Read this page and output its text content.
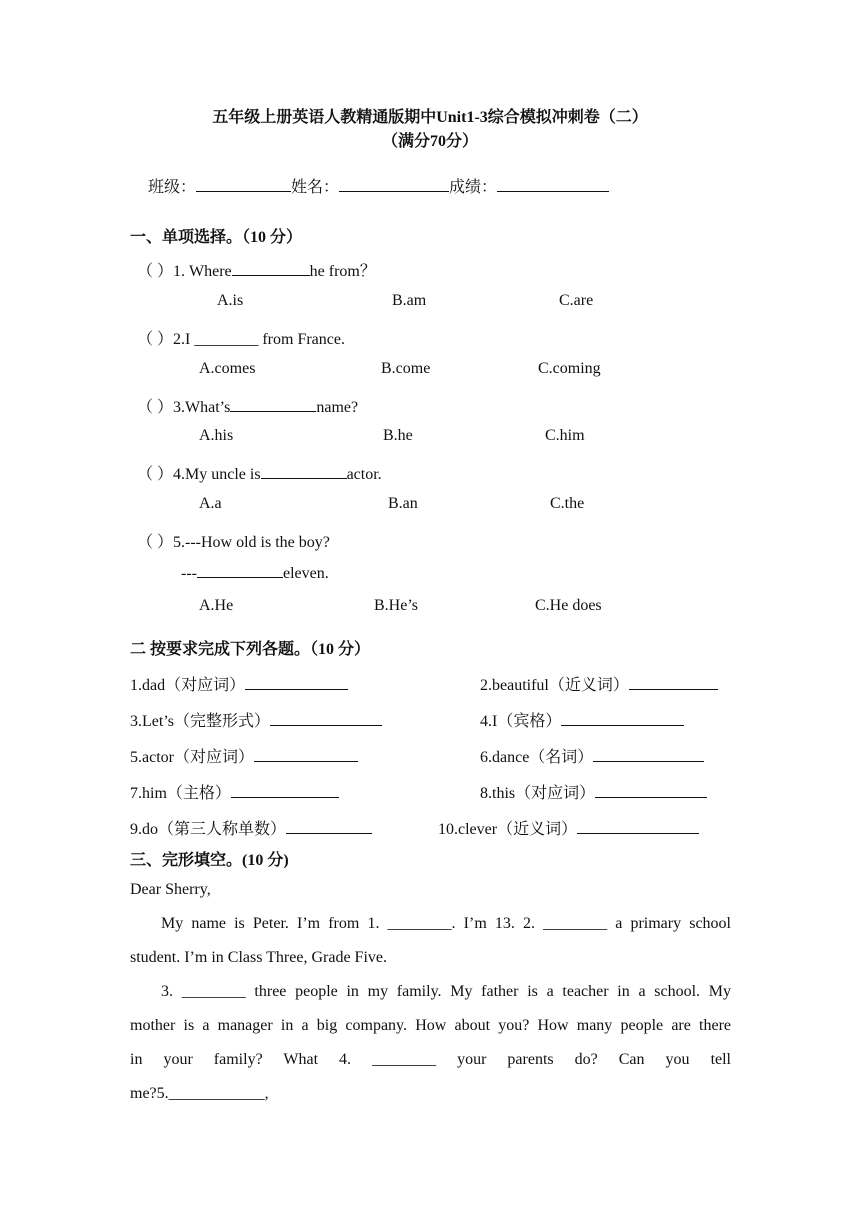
五年级上册英语人教精通版期中Unit1-3综合模拟冲刺卷（二）
（满分70分）
班级：	姓名：	成绩：
一、单项选择。（10 分）
（ ）1. Where	he from？
A.is	B.am	C.are
（ ）2.I ________ from France.
A.comes	B.come	C.coming
（ ）3.What’s	name?
A.his	B.he	C.him
（ ）4.My uncle is	actor.
A.a	B.an	C.the
（ ）5.---How old is the boy?
---	eleven.
A.He	B.He’s	C.He does
二 按要求完成下列各题。（10 分）
1.dad（对应词）	2.beautiful（近义词）
3.Let’s（完整形式）	4.I（宾格）
5.actor（对应词）	6.dance（名词）
7.him（主格）	8.this（对应词）
9.do（第三人称单数）	10.clever（近义词）
三、完形填空。(10 分)

Dear Sherry,

My name is Peter. I’m from 1. ________. I’m 13. 2. ________ a primary school

student. I’m in Class Three, Grade Five.

3. ________ three people in my family. My father is a teacher in a school. My

mother is a manager in a big company. How about you? How many people are there

in your family? What 4. ________ your parents do? Can you tell

me?5.____________,
